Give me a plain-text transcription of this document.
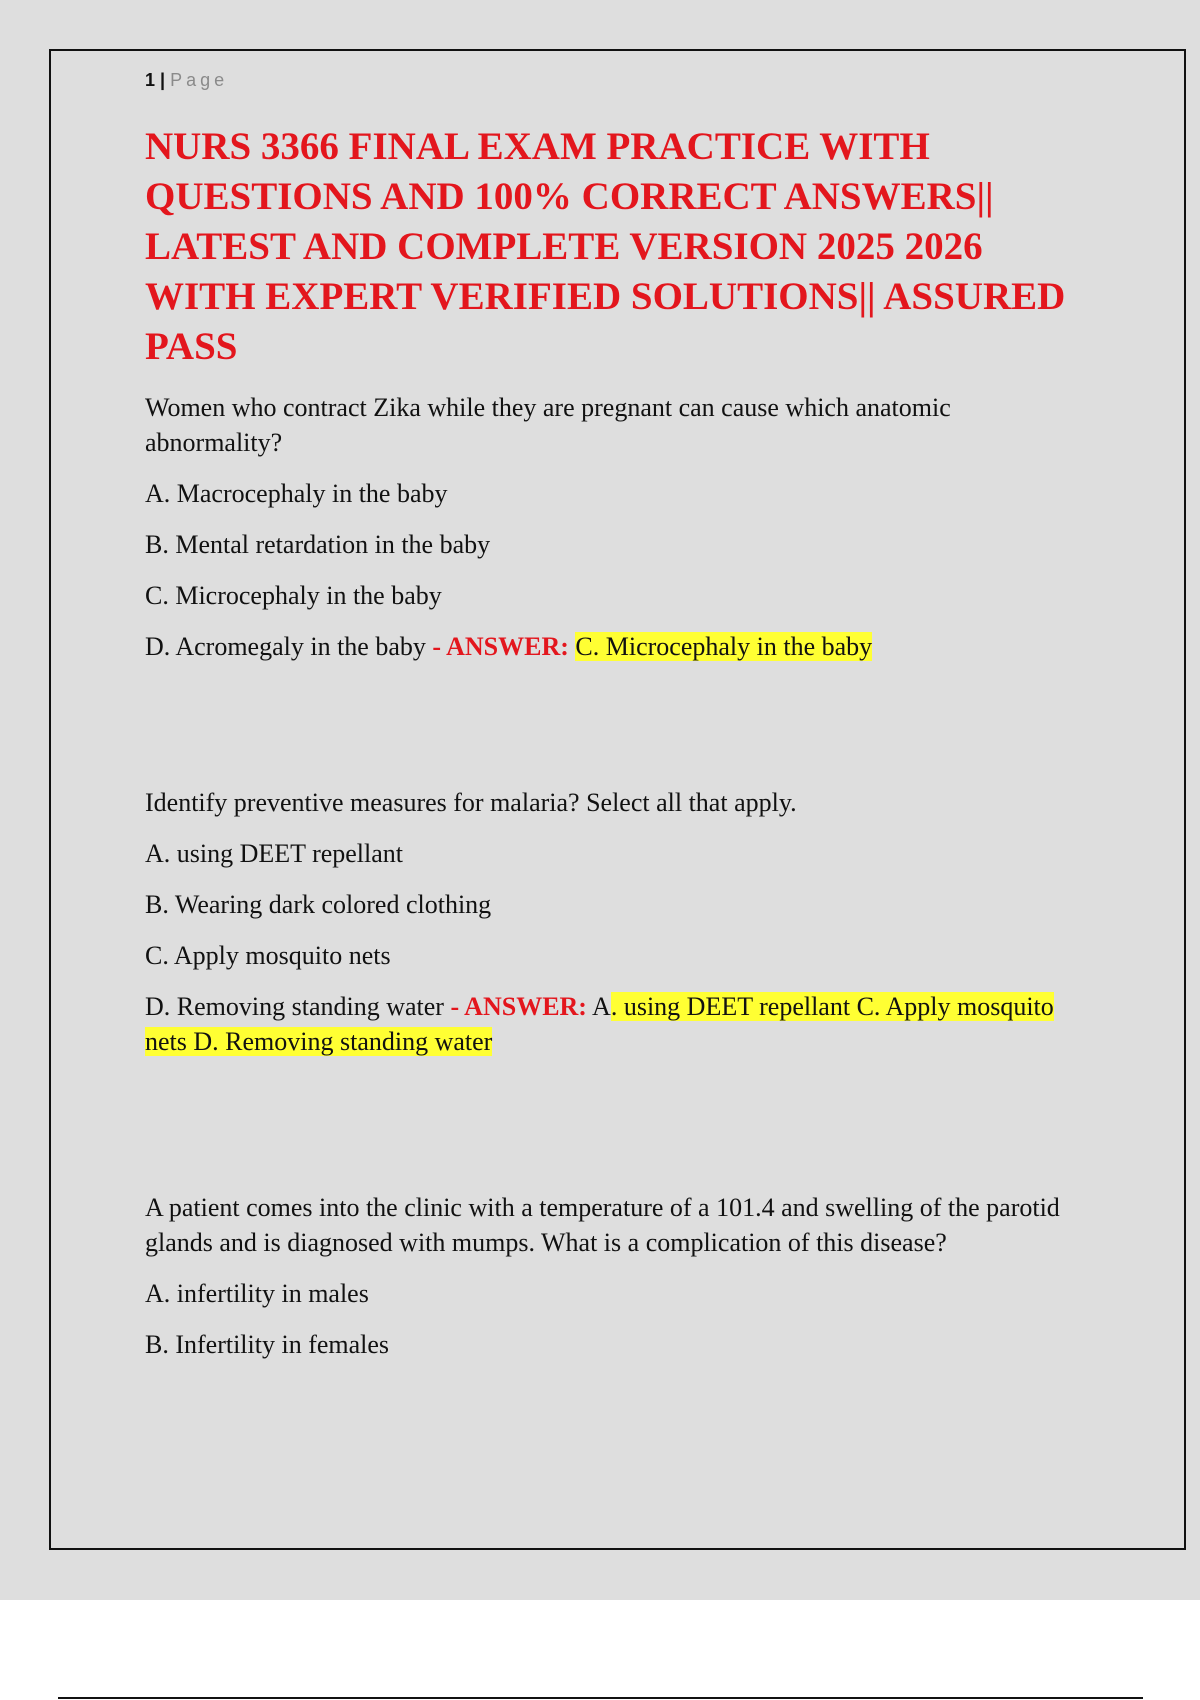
1 | Page
NURS 3366 FINAL EXAM PRACTICE WITH QUESTIONS AND 100% CORRECT ANSWERS|| LATEST AND COMPLETE VERSION 2025 2026 WITH EXPERT VERIFIED SOLUTIONS|| ASSURED PASS
Women who contract Zika while they are pregnant can cause which anatomic abnormality?
A. Macrocephaly in the baby
B. Mental retardation in the baby
C. Microcephaly in the baby
D. Acromegaly in the baby - ANSWER: C. Microcephaly in the baby
Identify preventive measures for malaria? Select all that apply.
A. using DEET repellant
B. Wearing dark colored clothing
C. Apply mosquito nets
D. Removing standing water - ANSWER: A. using DEET repellant C. Apply mosquito nets D. Removing standing water
A patient comes into the clinic with a temperature of a 101.4 and swelling of the parotid glands and is diagnosed with mumps. What is a complication of this disease?
A. infertility in males
B. Infertility in females
